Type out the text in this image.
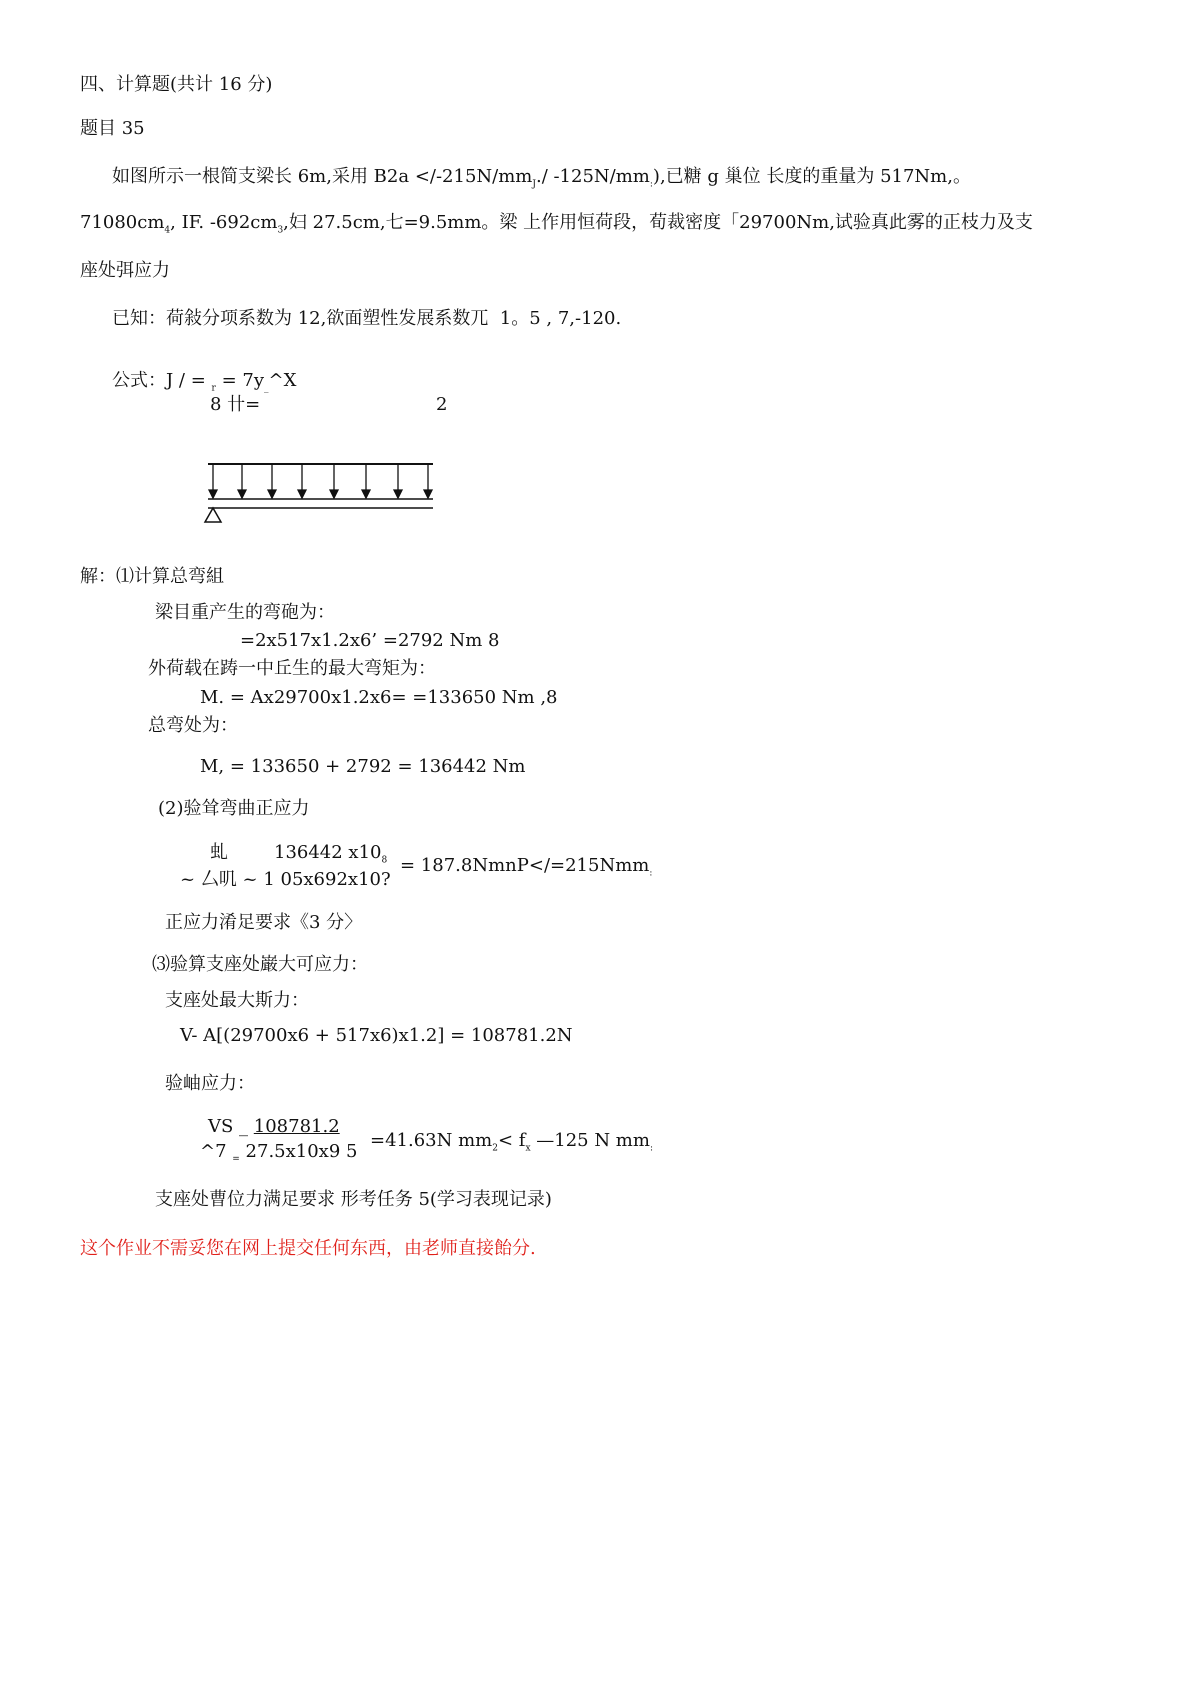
四、计算题(共计 16 分)
题目 35
如图所示一根简支梁长 6m,采用 $B2a </-215N/mm_J./$ $-125N/mm_:$),已糖 g 巢位 长度的重量为 517Nm,。
$71080cm_4$, IF. $-692cm_3$,妇 27.5cm,七=9.5mm。梁 上作用恒荷段，荀裁密度「29700Nm,试验真此雾的正枝力及支
座处弭应力
已知：荷敍分项系数为 12,欲面塑性发展系数兀  1。5 , 7,-120.
公式：J / = $_r = 7y_{\_}\^{}X$
8 卄=	2
解：⑴计算总弯組
梁目重产生的弯砲为：
=2x517x1.2x6’ =2792 Nm 8
外荷载在踌一中丘生的最大弯矩为：
M. = Ax29700x1.2x6= =133650 Nm ,8
总弯处为：
M, = 133650 + 2792 = 136442 Nm
(2)验耸弯曲正应力
虬	136442 $x10_8$
~ 厶叽 ~ 1 05x692x10?
= 187.8NmnP</=215Nmm$_:$
正应力淆足要求《3 分〉
⑶验算支座处巌大可应力：
支座处最大斯力：
V- A[(29700x6 + 517x6)x1.2] = 108781.2N
验岫应力：
VS _ 108781.2
^7 $_=$ 27.5x10x9 5
=41.63N $mm_2< f_x$ —125 N $mm_:$
支座处曹位力满足要求 形考任务 5(学习表现记录)
这个作业不需妥您在网上提交任何东西，由老师直接飴分.
